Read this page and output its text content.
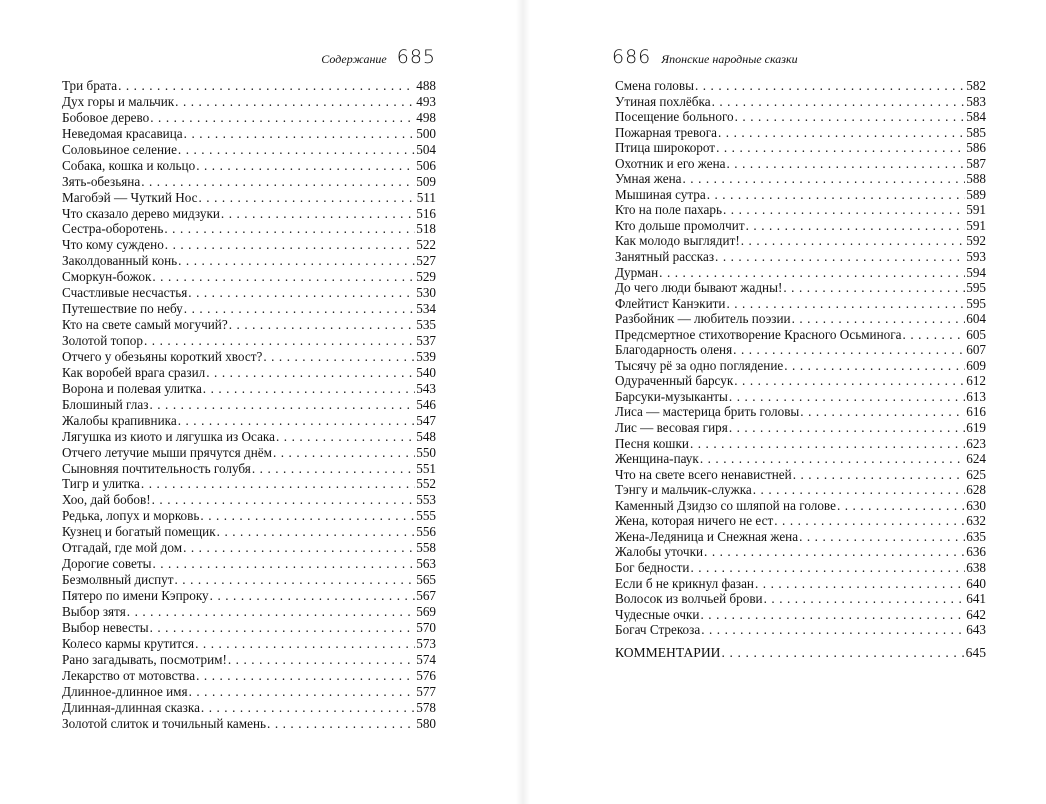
Содержание 685
Три брата . . .	488
Дух горы и мальчик . . .	493
Бобовое дерево . . .	498
Неведомая красавица . . .	500
Соловьиное селение . . .	504
Собака, кошка и кольцо . . .	506
Зять-обезьяна . . .	509
Магобэй — Чуткий Нос . . .	511
Что сказало дерево мидзуки . . .	516
Сестра-оборотень . . .	518
Что кому суждено . . .	522
Заколдованный конь . . .	527
Сморкун-божок . . .	529
Счастливые несчастья . . .	530
Путешествие по небу . . .	534
Кто на свете самый могучий? . . .	535
Золотой топор . . .	537
Отчего у обезьяны короткий хвост? . . .	539
Как воробей врага сразил . . .	540
Ворона и полевая улитка . . .	543
Блошиный глаз . . .	546
Жалобы крапивника . . .	547
Лягушка из киото и лягушка из Осака . . .	548
Отчего летучие мыши прячутся днём . . .	550
Сыновняя почтительность голубя . . .	551
Тигр и улитка . . .	552
Хоо, дай бобов! . . .	553
Редька, лопух и морковь . . .	555
Кузнец и богатый помещик . . .	556
Отгадай, где мой дом . . .	558
Дорогие советы . . .	563
Безмолвный диспут . . .	565
Пятеро по имени Кэпроку . . .	567
Выбор зятя . . .	569
Выбор невесты . . .	570
Колесо кармы крутится . . .	573
Рано загадывать, посмотрим! . . .	574
Лекарство от мотовства . . .	576
Длинное-длинное имя . . .	577
Длинная-длинная сказка . . .	578
Золотой слиток и точильный камень . . .	580
686 Японские народные сказки
Смена головы . . .	582
Утиная похлёбка . . .	583
Посещение больного . . .	584
Пожарная тревога . . .	585
Птица широкорот . . .	586
Охотник и его жена . . .	587
Умная жена . . .	588
Мышиная сутра . . .	589
Кто на поле пахарь . . .	591
Кто дольше промолчит . . .	591
Как молодо выглядит! . . .	592
Занятный рассказ . . .	593
Дурман . . .	594
До чего люди бывают жадны! . . .	595
Флейтист Канэкити . . .	595
Разбойник — любитель поэзии . . .	604
Предсмертное стихотворение Красного Осьминога . . .	605
Благодарность оленя . . .	607
Тысячу рё за одно поглядение . . .	609
Одураченный барсук . . .	612
Барсуки-музыканты . . .	613
Лиса — мастерица брить головы . . .	616
Лис — весовая гиря . . .	619
Песня кошки . . .	623
Женщина-паук . . .	624
Что на свете всего ненавистней . . .	625
Тэнгу и мальчик-служка . . .	628
Каменный Дзидзо со шляпой на голове . . .	630
Жена, которая ничего не ест . . .	632
Жена-Ледяница и Снежная жена . . .	635
Жалобы уточки . . .	636
Бог бедности . . .	638
Если б не крикнул фазан . . .	640
Волосок из волчьей брови . . .	641
Чудесные очки . . .	642
Богач Стрекоза . . .	643
КОММЕНТАРИИ . . .	645
